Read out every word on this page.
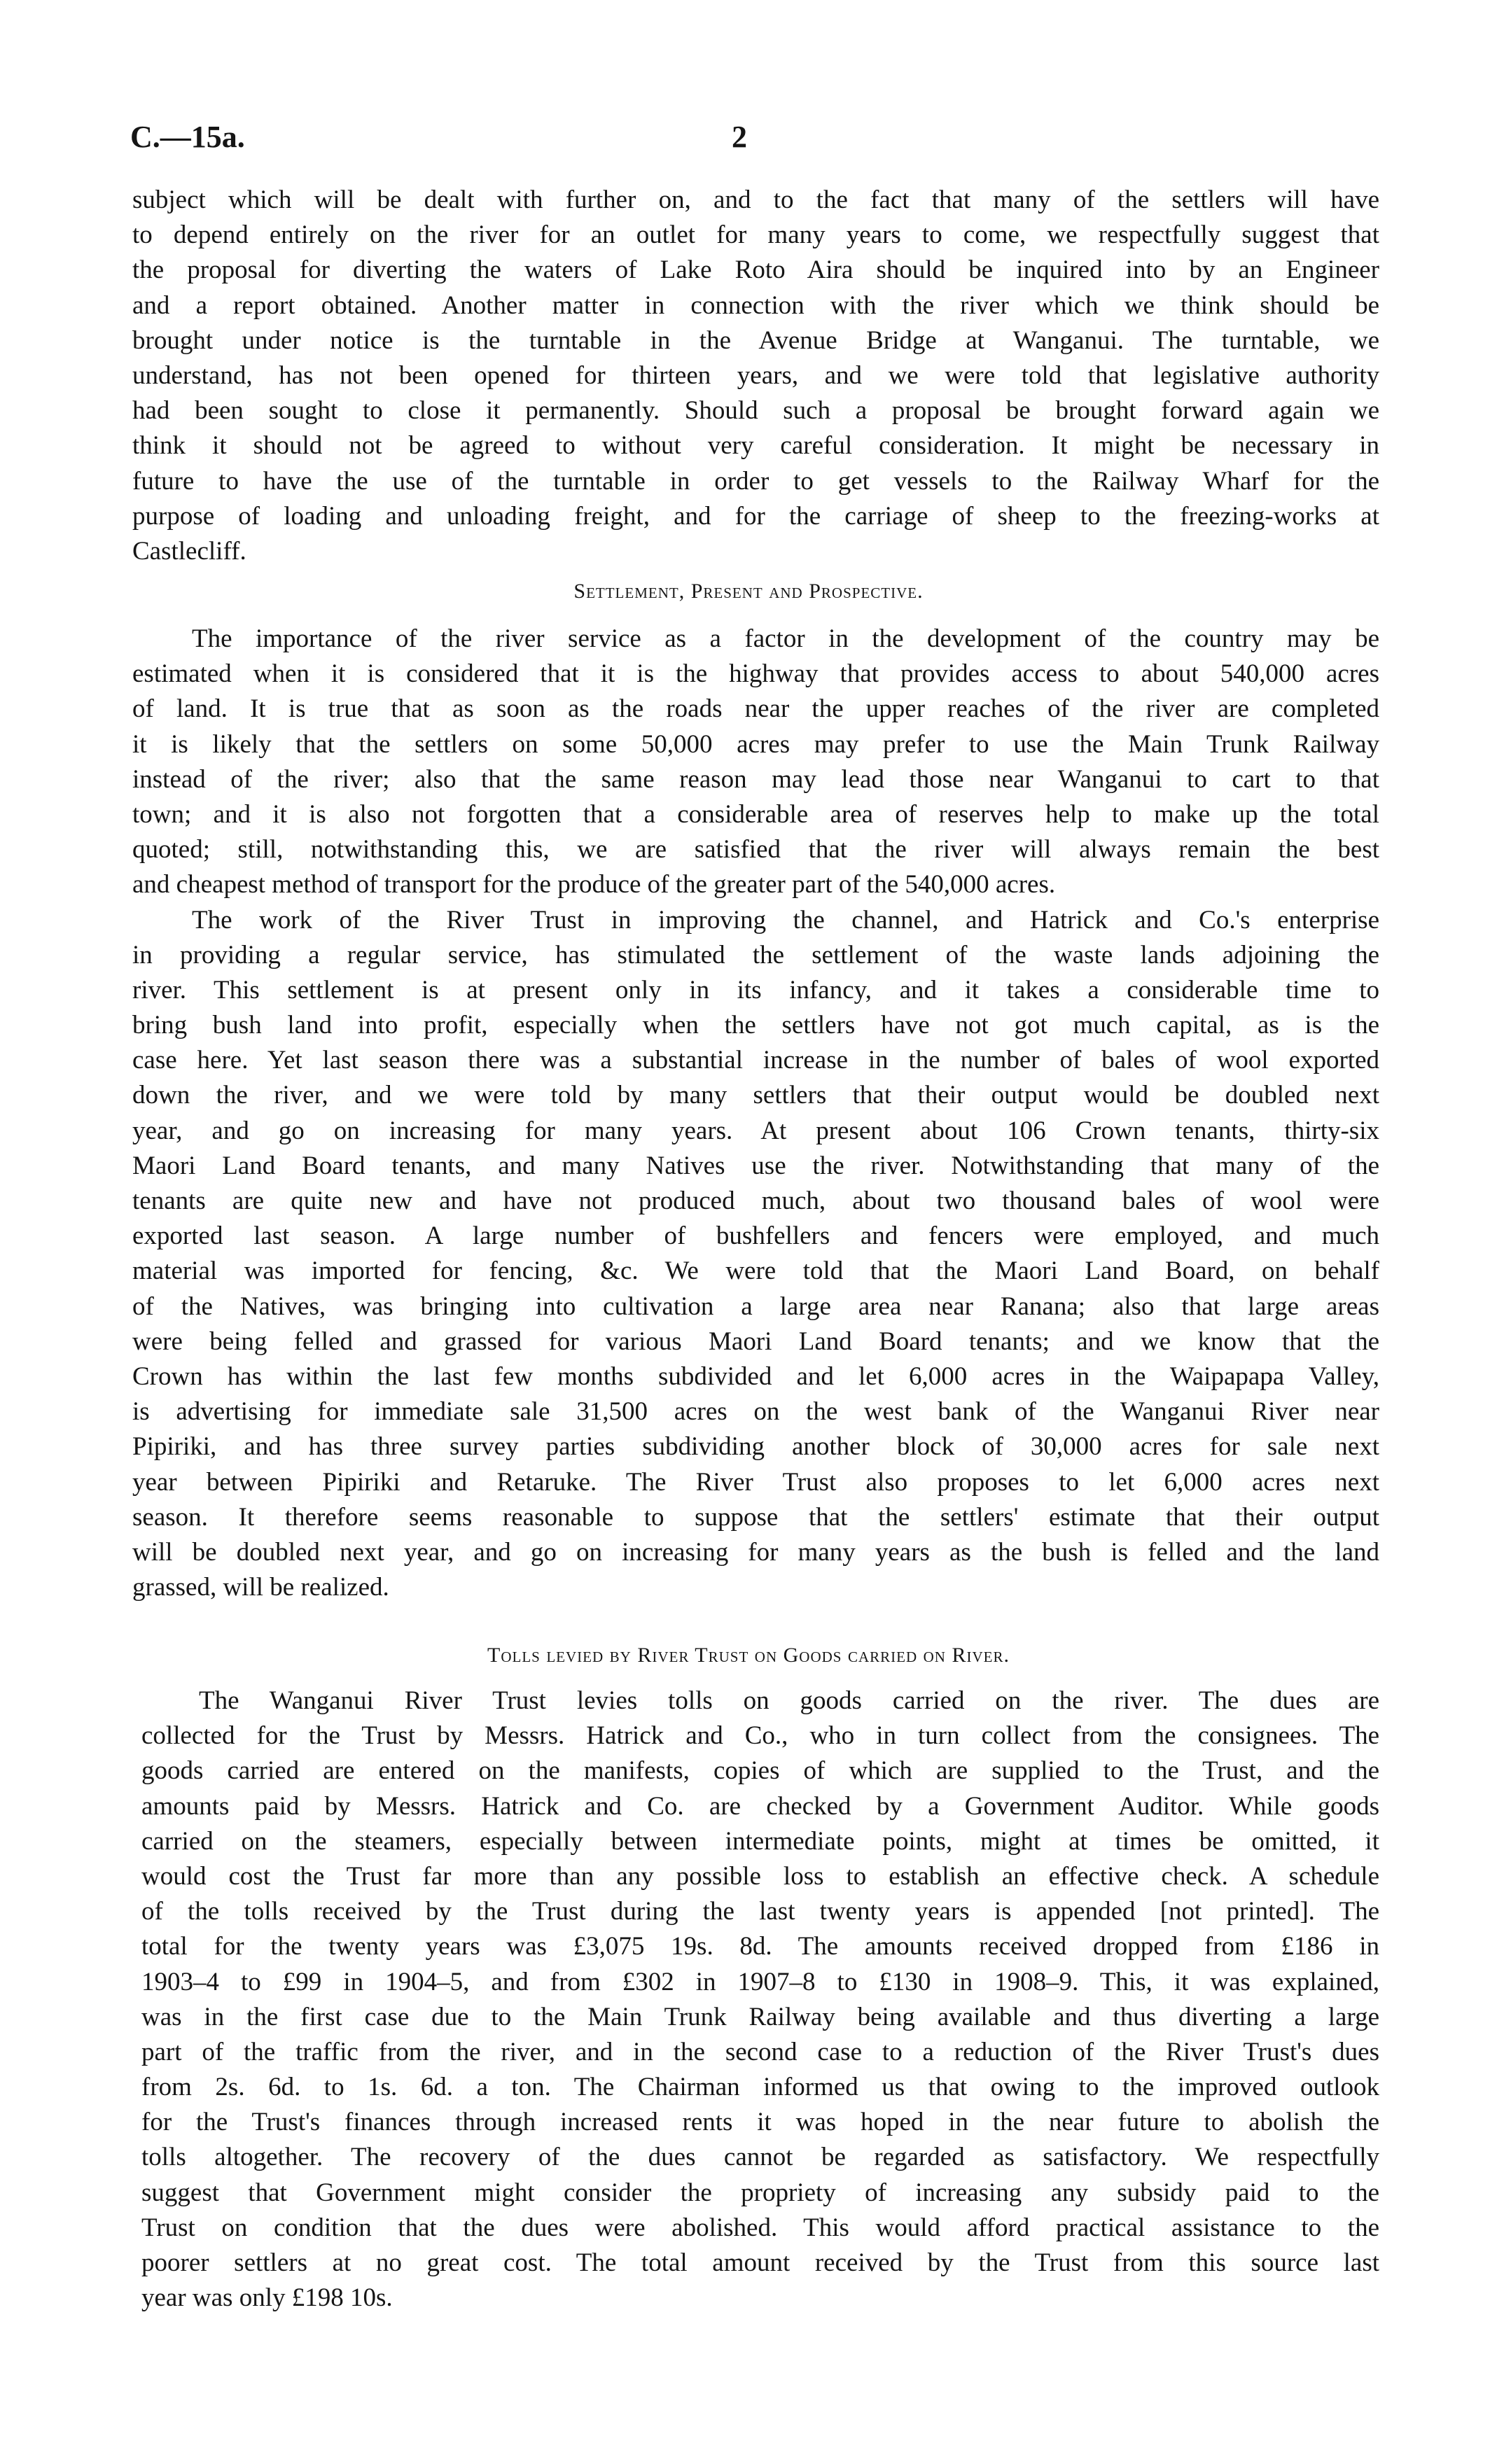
C.—15a.	2
subject which will be dealt with further on, and to the fact that many of the settlers will have
to depend entirely on the river for an outlet for many years to come, we respectfully suggest that
the proposal for diverting the waters of Lake Roto Aira should be inquired into by an Engineer
and a report obtained. Another matter in connection with the river which we think should be
brought under notice is the turntable in the Avenue Bridge at Wanganui. The turntable, we
understand, has not been opened for thirteen years, and we were told that legislative authority
had been sought to close it permanently. Should such a proposal be brought forward again we
think it should not be agreed to without very careful consideration. It might be necessary in
future to have the use of the turntable in order to get vessels to the Railway Wharf for the
purpose of loading and unloading freight, and for the carriage of sheep to the freezing-works at
Castlecliff.
Settlement, Present and Prospective.
The importance of the river service as a factor in the development of the country may be
estimated when it is considered that it is the highway that provides access to about 540,000 acres
of land. It is true that as soon as the roads near the upper reaches of the river are completed
it is likely that the settlers on some 50,000 acres may prefer to use the Main Trunk Railway
instead of the river; also that the same reason may lead those near Wanganui to cart to that
town; and it is also not forgotten that a considerable area of reserves help to make up the total
quoted; still, notwithstanding this, we are satisfied that the river will always remain the best
and cheapest method of transport for the produce of the greater part of the 540,000 acres.
The work of the River Trust in improving the channel, and Hatrick and Co.'s enterprise
in providing a regular service, has stimulated the settlement of the waste lands adjoining the
river. This settlement is at present only in its infancy, and it takes a considerable time to
bring bush land into profit, especially when the settlers have not got much capital, as is the
case here. Yet last season there was a substantial increase in the number of bales of wool exported
down the river, and we were told by many settlers that their output would be doubled next
year, and go on increasing for many years. At present about 106 Crown tenants, thirty-six
Maori Land Board tenants, and many Natives use the river. Notwithstanding that many of the
tenants are quite new and have not produced much, about two thousand bales of wool were
exported last season. A large number of bushfellers and fencers were employed, and much
material was imported for fencing, &c. We were told that the Maori Land Board, on behalf
of the Natives, was bringing into cultivation a large area near Ranana; also that large areas
were being felled and grassed for various Maori Land Board tenants; and we know that the
Crown has within the last few months subdivided and let 6,000 acres in the Waipapapa Valley,
is advertising for immediate sale 31,500 acres on the west bank of the Wanganui River near
Pipiriki, and has three survey parties subdividing another block of 30,000 acres for sale next
year between Pipiriki and Retaruke. The River Trust also proposes to let 6,000 acres next
season. It therefore seems reasonable to suppose that the settlers' estimate that their output
will be doubled next year, and go on increasing for many years as the bush is felled and the land
grassed, will be realized.
Tolls levied by River Trust on Goods carried on River.
The Wanganui River Trust levies tolls on goods carried on the river. The dues are
collected for the Trust by Messrs. Hatrick and Co., who in turn collect from the consignees. The
goods carried are entered on the manifests, copies of which are supplied to the Trust, and the
amounts paid by Messrs. Hatrick and Co. are checked by a Government Auditor. While goods
carried on the steamers, especially between intermediate points, might at times be omitted, it
would cost the Trust far more than any possible loss to establish an effective check. A schedule
of the tolls received by the Trust during the last twenty years is appended [not printed]. The
total for the twenty years was £3,075 19s. 8d. The amounts received dropped from £186 in
1903–4 to £99 in 1904–5, and from £302 in 1907–8 to £130 in 1908–9. This, it was explained,
was in the first case due to the Main Trunk Railway being available and thus diverting a large
part of the traffic from the river, and in the second case to a reduction of the River Trust's dues
from 2s. 6d. to 1s. 6d. a ton. The Chairman informed us that owing to the improved outlook
for the Trust's finances through increased rents it was hoped in the near future to abolish the
tolls altogether. The recovery of the dues cannot be regarded as satisfactory. We respectfully
suggest that Government might consider the propriety of increasing any subsidy paid to the
Trust on condition that the dues were abolished. This would afford practical assistance to the
poorer settlers at no great cost. The total amount received by the Trust from this source last
year was only £198 10s.
